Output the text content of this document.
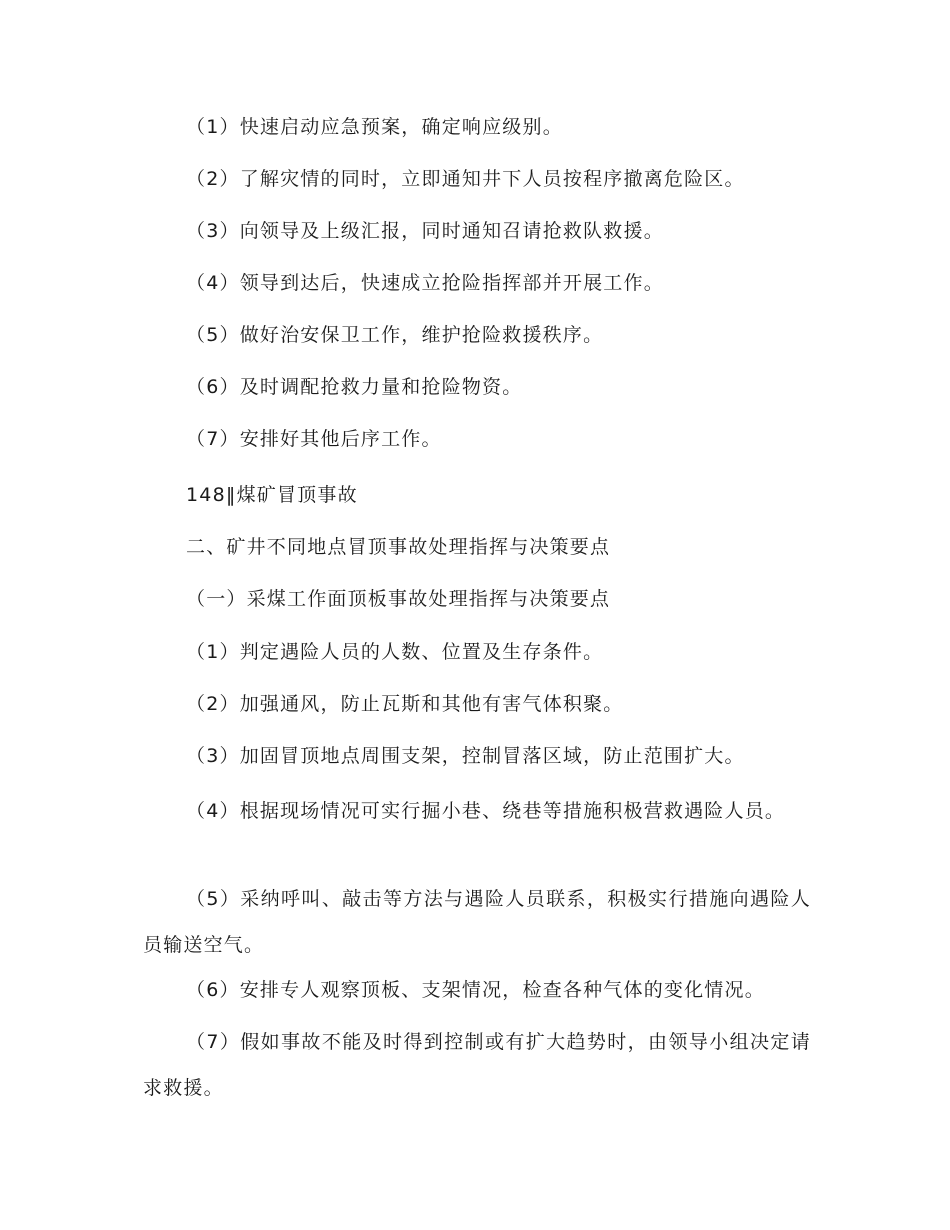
（1）快速启动应急预案，确定响应级别。
（2）了解灾情的同时，立即通知井下人员按程序撤离危险区。
（3）向领导及上级汇报，同时通知召请抢救队救援。
（4）领导到达后，快速成立抢险指挥部并开展工作。
（5）做好治安保卫工作，维护抢险救援秩序。
（6）及时调配抢救力量和抢险物资。
（7）安排好其他后序工作。
148‖煤矿冒顶事故
二、矿井不同地点冒顶事故处理指挥与决策要点
（一）采煤工作面顶板事故处理指挥与决策要点
（1）判定遇险人员的人数、位置及生存条件。
（2）加强通风，防止瓦斯和其他有害气体积聚。
（3）加固冒顶地点周围支架，控制冒落区域，防止范围扩大。
（4）根据现场情况可实行掘小巷、绕巷等措施积极营救遇险人员。
（5）采纳呼叫、敲击等方法与遇险人员联系，积极实行措施向遇险人员输送空气。
（6）安排专人观察顶板、支架情况，检查各种气体的变化情况。
（7）假如事故不能及时得到控制或有扩大趋势时，由领导小组决定请求救援。
